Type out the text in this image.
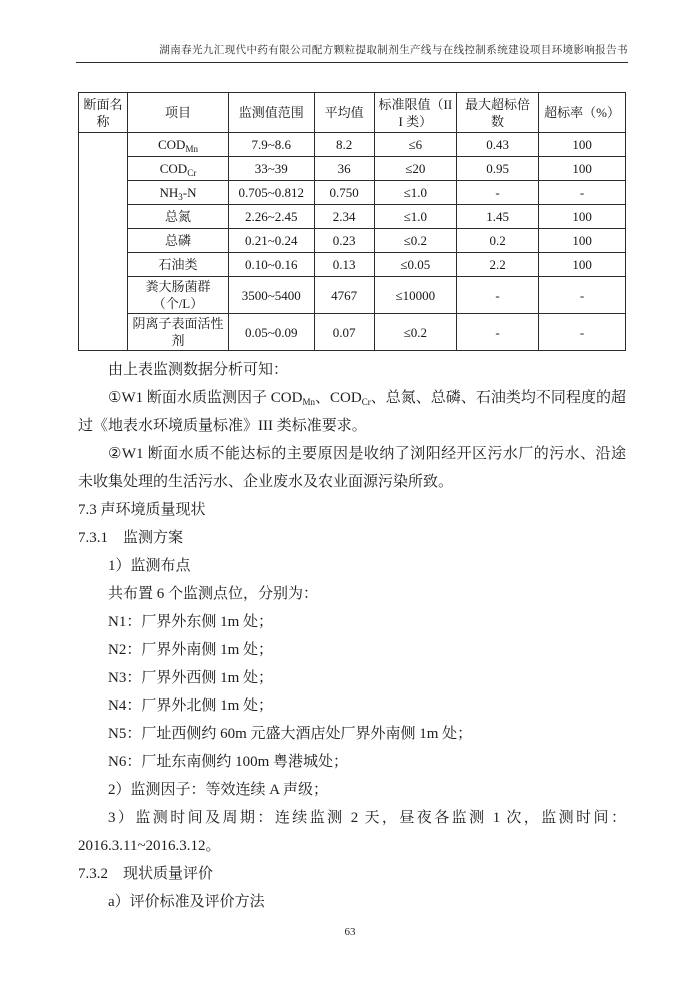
湖南春光九汇现代中药有限公司配方颗粒提取制剂生产线与在线控制系统建设项目环境影响报告书
断面名称	项目	监测值范围	平均值	标准限值（III 类）	最大超标倍数	超标率（%）
	$COD_{Mn}$	7.9~8.6	8.2	≤6	0.43	100
	$COD_{Cr}$	33~39	36	≤20	0.95	100
	$NH_3-N$	0.705~0.812	0.750	≤1.0	-	-
	总氮	2.26~2.45	2.34	≤1.0	1.45	100
	总磷	0.21~0.24	0.23	≤0.2	0.2	100
	石油类	0.10~0.16	0.13	≤0.05	2.2	100
	粪大肠菌群（个/L）	3500~5400	4767	≤10000	-	-
	阴离子表面活性剂	0.05~0.09	0.07	≤0.2	-	-

由上表监测数据分析可知：

①W1 断面水质监测因子 $COD_{Mn}$、$COD_{Cr}$、总氮、总磷、石油类均不同程度的超过《地表水环境质量标准》III 类标准要求。

②W1 断面水质不能达标的主要原因是收纳了浏阳经开区污水厂的污水、沿途未收集处理的生活污水、企业废水及农业面源污染所致。

7.3 声环境质量现状

7.3.1　监测方案

1）监测布点

共布置 6 个监测点位，分别为：

N1：厂界外东侧 1m 处；

N2：厂界外南侧 1m 处；

N3：厂界外西侧 1m 处；

N4：厂界外北侧 1m 处；

N5：厂址西侧约 60m 元盛大酒店处厂界外南侧 1m 处；

N6：厂址东南侧约 100m 粤港城处；

2）监测因子：等效连续 A 声级；

3）监测时间及周期：连续监测 2 天，昼夜各监测 1 次，监测时间：

2016.3.11~2016.3.12。

7.3.2　现状质量评价

a）评价标准及评价方法

63
